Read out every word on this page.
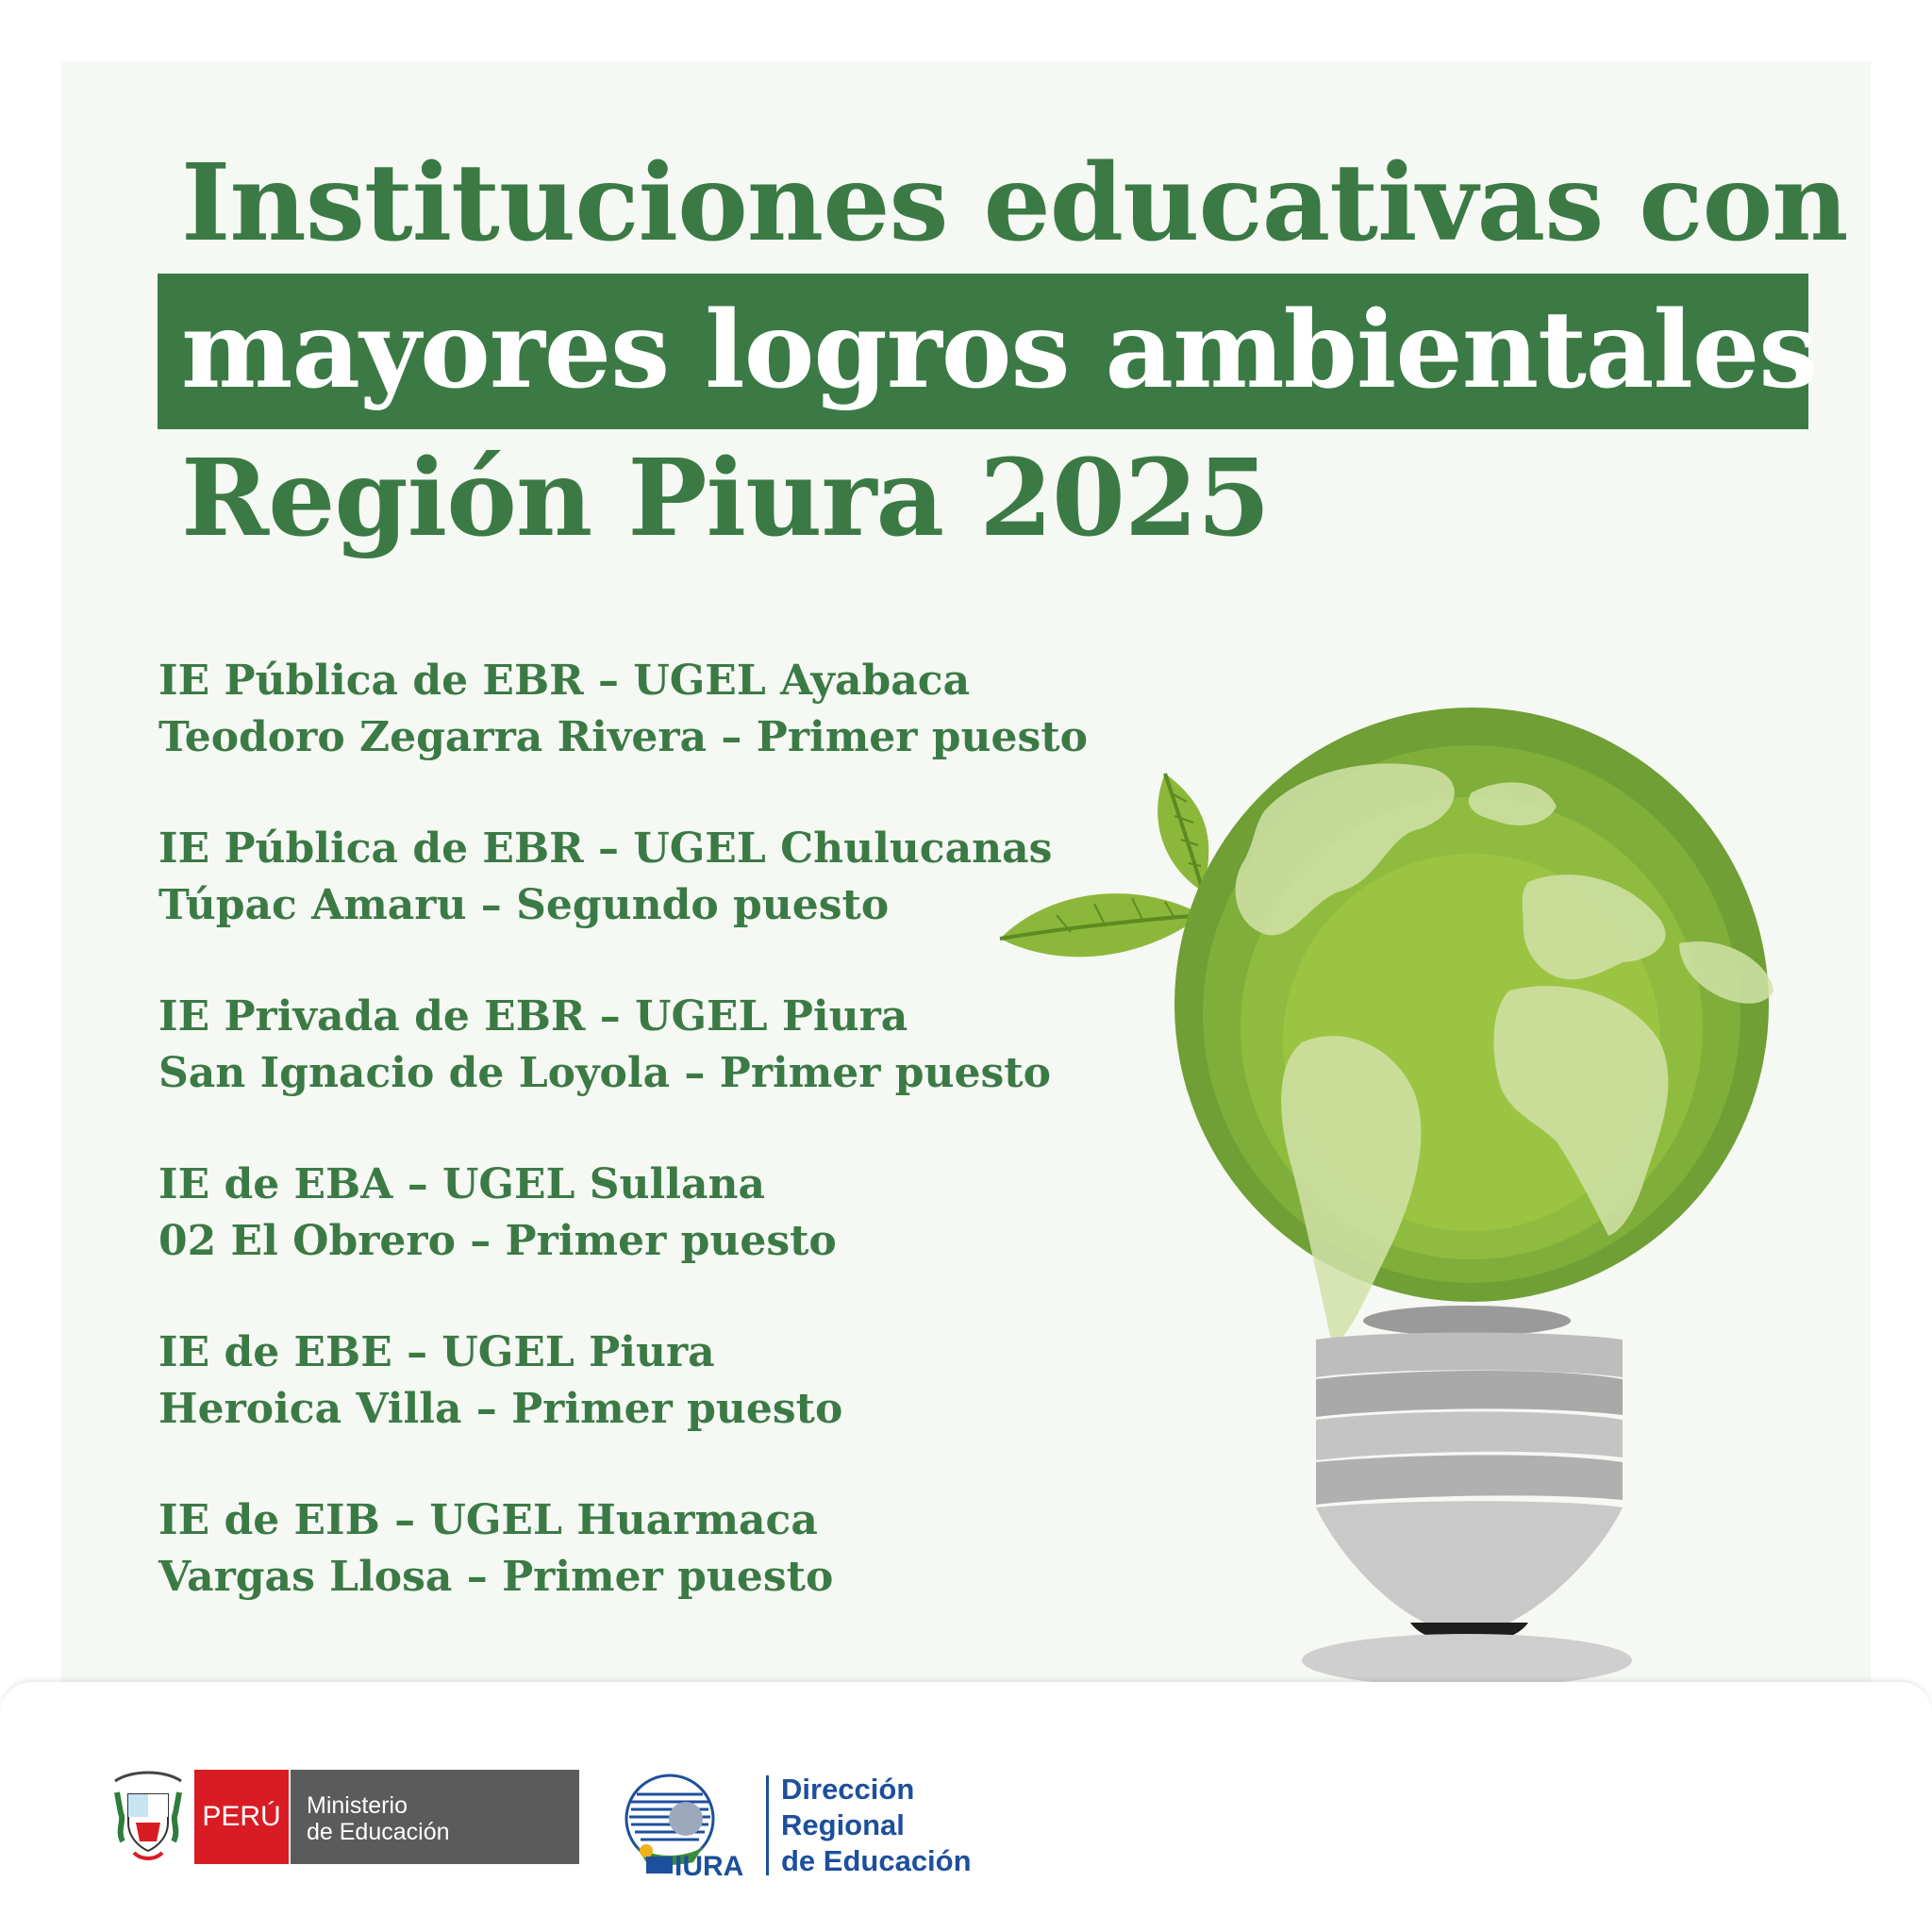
Instituciones educativas con
mayores logros ambientales
Región Piura 2025
IE Pública de EBR – UGEL Ayabaca
Teodoro Zegarra Rivera – Primer puesto
IE Pública de EBR – UGEL Chulucanas
Túpac Amaru – Segundo puesto
IE Privada de EBR – UGEL Piura
San Ignacio de Loyola – Primer puesto
IE de EBA – UGEL Sullana
02 El Obrero – Primer puesto
IE de EBE – UGEL Piura
Heroica Villa – Primer puesto
IE de EIB – UGEL Huarmaca
Vargas Llosa – Primer puesto
PERÚ	Ministerio
de Educación
IURA
Dirección
Regional
de Educación
